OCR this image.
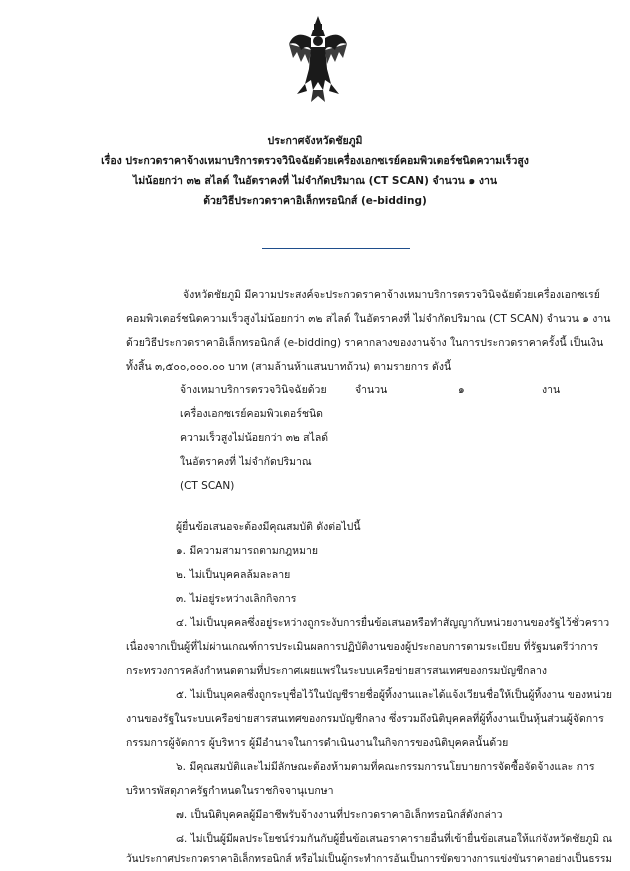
ประกาศจังหวัดชัยภูมิ
เรื่อง ประกวดราคาจ้างเหมาบริการตรวจวินิจฉัยด้วยเครื่องเอกซเรย์คอมพิวเตอร์ชนิดความเร็วสูง
ไม่น้อยกว่า ๓๒ สไลด์ ในอัตราคงที่ ไม่จำกัดปริมาณ (CT SCAN) จำนวน ๑ งาน
ด้วยวิธีประกวดราคาอิเล็กทรอนิกส์ (e-bidding)
จังหวัดชัยภูมิ มีความประสงค์จะประกวดราคาจ้างเหมาบริการตรวจวินิจฉัยด้วยเครื่องเอกซเรย์
คอมพิวเตอร์ชนิดความเร็วสูงไม่น้อยกว่า ๓๒ สไลด์ ในอัตราคงที่ ไม่จำกัดปริมาณ (CT SCAN) จำนวน ๑ งาน
ด้วยวิธีประกวดราคาอิเล็กทรอนิกส์ (e-bidding) ราคากลางของงานจ้าง ในการประกวดราคาครั้งนี้ เป็นเงิน
ทั้งสิ้น ๓,๕๐๐,๐๐๐.๐๐ บาท (สามล้านห้าแสนบาทถ้วน) ตามรายการ ดังนี้
จ้างเหมาบริการตรวจวินิจฉัยด้วย
เครื่องเอกซเรย์คอมพิวเตอร์ชนิด
ความเร็วสูงไม่น้อยกว่า ๓๒ สไลด์
ในอัตราคงที่ ไม่จำกัดปริมาณ
(CT SCAN)
จำนวน	๑	งาน
ผู้ยื่นข้อเสนอจะต้องมีคุณสมบัติ ดังต่อไปนี้
๑. มีความสามารถตามกฎหมาย
๒. ไม่เป็นบุคคลล้มละลาย
๓. ไม่อยู่ระหว่างเลิกกิจการ
๔. ไม่เป็นบุคคลซึ่งอยู่ระหว่างถูกระงับการยื่นข้อเสนอหรือทำสัญญากับหน่วยงานของรัฐไว้ชั่วคราว
เนื่องจากเป็นผู้ที่ไม่ผ่านเกณฑ์การประเมินผลการปฏิบัติงานของผู้ประกอบการตามระเบียบ ที่รัฐมนตรีว่าการ
กระทรวงการคลังกำหนดตามที่ประกาศเผยแพร่ในระบบเครือข่ายสารสนเทศของกรมบัญชีกลาง
๕. ไม่เป็นบุคคลซึ่งถูกระบุชื่อไว้ในบัญชีรายชื่อผู้ทิ้งงานและได้แจ้งเวียนชื่อให้เป็นผู้ทิ้งงาน ของหน่วย
งานของรัฐในระบบเครือข่ายสารสนเทศของกรมบัญชีกลาง ซึ่งรวมถึงนิติบุคคลที่ผู้ทิ้งงานเป็นหุ้นส่วนผู้จัดการ
กรรมการผู้จัดการ ผู้บริหาร ผู้มีอำนาจในการดำเนินงานในกิจการของนิติบุคคลนั้นด้วย
๖. มีคุณสมบัติและไม่มีลักษณะต้องห้ามตามที่คณะกรรมการนโยบายการจัดซื้อจัดจ้างและ การ
บริหารพัสดุภาครัฐกำหนดในราชกิจจานุเบกษา
๗. เป็นนิติบุคคลผู้มีอาชีพรับจ้างงานที่ประกวดราคาอิเล็กทรอนิกส์ดังกล่าว
๘. ไม่เป็นผู้มีผลประโยชน์ร่วมกันกับผู้ยื่นข้อเสนอราคารายอื่นที่เข้ายื่นข้อเสนอให้แก่จังหวัดชัยภูมิ ณ
วันประกาศประกวดราคาอิเล็กทรอนิกส์ หรือไม่เป็นผู้กระทำการอันเป็นการขัดขวางการแข่งขันราคาอย่างเป็นธรรม
